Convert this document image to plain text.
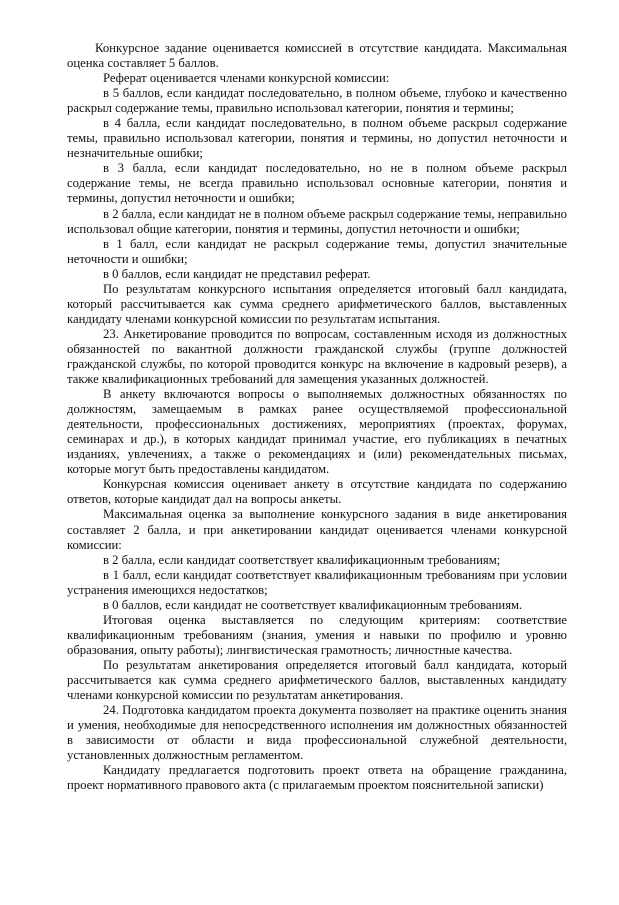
Конкурсное задание оценивается комиссией в отсутствие кандидата. Максимальная оценка составляет 5 баллов.

Реферат оценивается членами конкурсной комиссии:

в 5 баллов, если кандидат последовательно, в полном объеме, глубоко и качественно раскрыл содержание темы, правильно использовал категории, понятия и термины;

в 4 балла, если кандидат последовательно, в полном объеме раскрыл содержание темы, правильно использовал категории, понятия и термины, но допустил неточности и незначительные ошибки;

в 3 балла, если кандидат последовательно, но не в полном объеме раскрыл содержание темы, не всегда правильно использовал основные категории, понятия и термины, допустил неточности и ошибки;

в 2 балла, если кандидат не в полном объеме раскрыл содержание темы, неправильно использовал общие категории, понятия и термины, допустил неточности и ошибки;

в 1 балл, если кандидат не раскрыл содержание темы, допустил значительные неточности и ошибки;

в 0 баллов, если кандидат не представил реферат.

По результатам конкурсного испытания определяется итоговый балл кандидата, который рассчитывается как сумма среднего арифметического баллов, выставленных кандидату членами конкурсной комиссии по результатам испытания.

23. Анкетирование проводится по вопросам, составленным исходя из должностных обязанностей по вакантной должности гражданской службы (группе должностей гражданской службы, по которой проводится конкурс на включение в кадровый резерв), а также квалификационных требований для замещения указанных должностей.

В анкету включаются вопросы о выполняемых должностных обязанностях по должностям, замещаемым в рамках ранее осуществляемой профессиональной деятельности, профессиональных достижениях, мероприятиях (проектах, форумах, семинарах и др.), в которых кандидат принимал участие, его публикациях в печатных изданиях, увлечениях, а также о рекомендациях и (или) рекомендательных письмах, которые могут быть предоставлены кандидатом.

Конкурсная комиссия оценивает анкету в отсутствие кандидата по содержанию ответов, которые кандидат дал на вопросы анкеты.

Максимальная оценка за выполнение конкурсного задания в виде анкетирования составляет 2 балла, и при анкетировании кандидат оценивается членами конкурсной комиссии:

в 2 балла, если кандидат соответствует квалификационным требованиям;

в 1 балл, если кандидат соответствует квалификационным требованиям при условии устранения имеющихся недостатков;

в 0 баллов, если кандидат не соответствует квалификационным требованиям.

Итоговая оценка выставляется по следующим критериям: соответствие квалификационным требованиям (знания, умения и навыки по профилю и уровню образования, опыту работы); лингвистическая грамотность; личностные качества.

По результатам анкетирования определяется итоговый балл кандидата, который рассчитывается как сумма среднего арифметического баллов, выставленных кандидату членами конкурсной комиссии по результатам анкетирования.

24. Подготовка кандидатом проекта документа позволяет на практике оценить знания и умения, необходимые для непосредственного исполнения им должностных обязанностей в зависимости от области и вида профессиональной служебной деятельности, установленных должностным регламентом.

Кандидату предлагается подготовить проект ответа на обращение гражданина, проект нормативного правового акта (с прилагаемым проектом пояснительной записки)
